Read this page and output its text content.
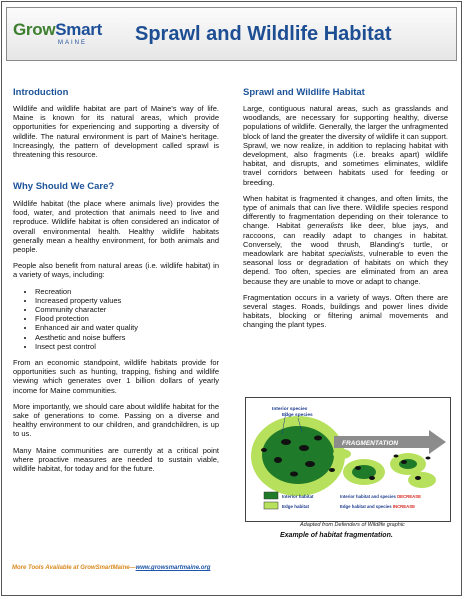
GrowSmart
MAINE Sprawl and Wildlife Habitat
Introduction

Wildlife and wildlife habitat are part of Maine's way of life. Maine is known for its natural areas, which provide opportunities for experiencing and supporting a diversity of wildlife. The natural environment is part of Maine's heritage. Increasingly, the pattern of development called sprawl is threatening this resource.

Why Should We Care?

Wildlife habitat (the place where animals live) provides the food, water, and protection that animals need to live and reproduce. Wildlife habitat is often considered an indicator of overall environmental health. Healthy wildlife habitats generally mean a healthy environment, for both animals and people.

People also benefit from natural areas (i.e. wildlife habitat) in a variety of ways, including:

• Recreation
• Increased property values
• Community character
• Flood protection
• Enhanced air and water quality
• Aesthetic and noise buffers
• Insect pest control

From an economic standpoint, wildlife habitats provide for opportunities such as hunting, trapping, fishing and wildlife viewing which generates over 1 billion dollars of yearly income for Maine communities.

More importantly, we should care about wildlife habitat for the sake of generations to come. Passing on a diverse and healthy environment to our children, and grandchildren, is up to us.

Many Maine communities are currently at a critical point where proactive measures are needed to sustain viable, wildlife habitat, for today and for the future.

Sprawl and Wildlife Habitat

Large, contiguous natural areas, such as grasslands and woodlands, are necessary for supporting healthy, diverse populations of wildlife. Generally, the larger the unfragmented block of land the greater the diversity of wildlife it can support. Sprawl, we now realize, in addition to replacing habitat with development, also fragments (i.e. breaks apart) wildlife habitat, and disrupts, and sometimes eliminates, wildlife travel corridors between habitats used for feeding or breeding.

When habitat is fragmented it changes, and often limits, the type of animals that can live there. Wildlife species respond differently to fragmentation depending on their tolerance to change. Habitat generalists like deer, blue jays, and raccoons, can readily adapt to changes in habitat. Conversely, the wood thrush, Blanding's turtle, or meadowlark are habitat specialists, vulnerable to even the seasonal loss or degradation of habitats on which they depend. Too often, species are eliminated from an area because they are unable to move or adapt to change.

Fragmentation occurs in a variety of ways. Often there are several stages. Roads, buildings and power lines divide habitats, blocking or filtering animal movements and changing the plant types.

FRAGMENTATION
Interior species
Edge species
Interior habitat
Edge habitat
Interior habitat and species DECREASE
Edge habitat and species INCREASE
Adapted from Defenders of Wildlife graphic
Example of habitat fragmentation.
More Tools Available at GrowSmartMaine—www.growsmartmaine.org
